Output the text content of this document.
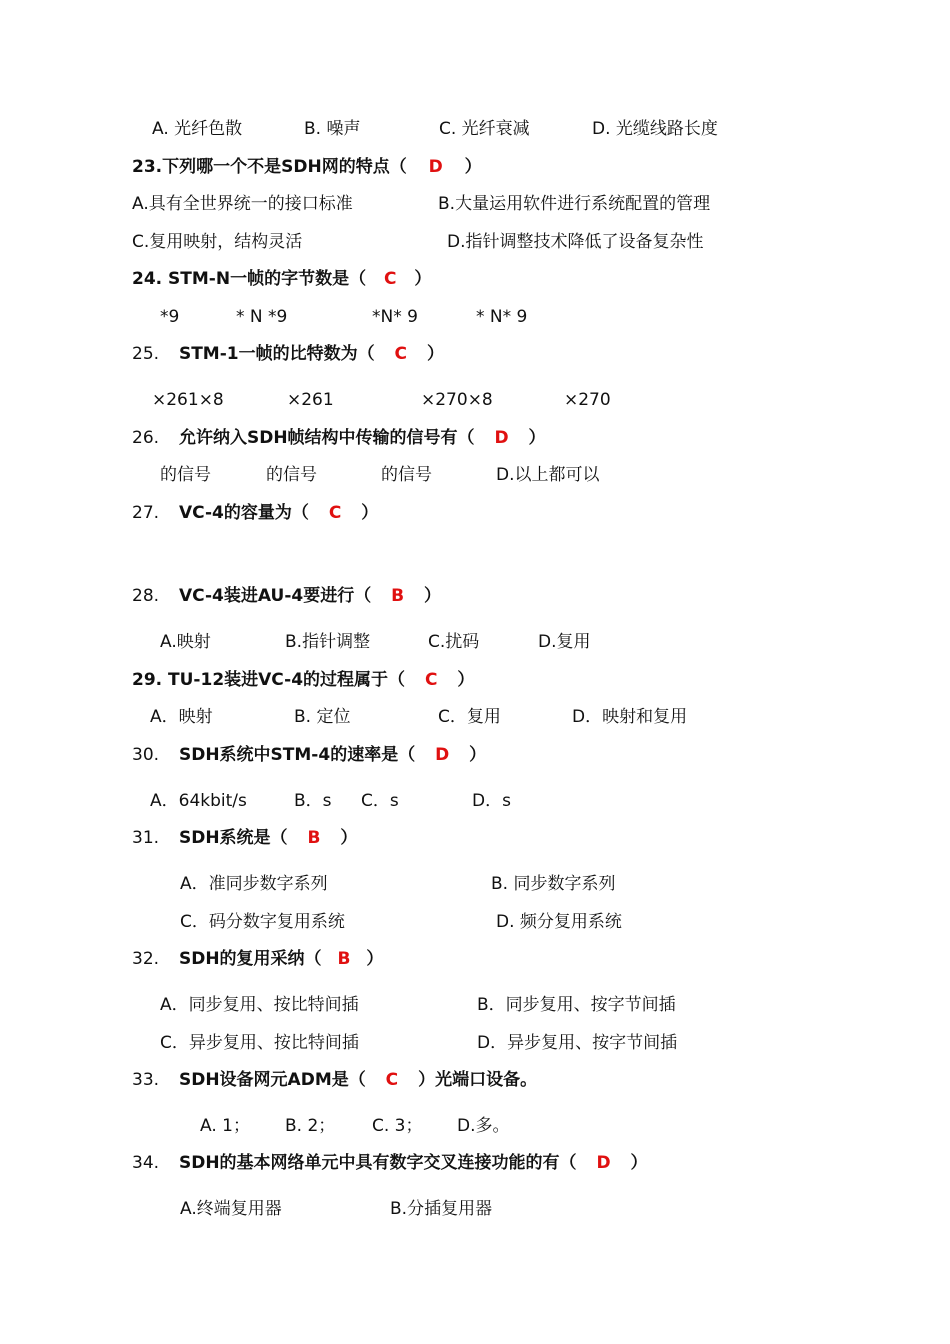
A. 光纤色散	B. 噪声	C. 光纤衰减	D. 光缆线路长度
23.下列哪一个不是SDH网的特点（ D ）
A.具有全世界统一的接口标准	B.大量运用软件进行系统配置的管理
C.复用映射，结构灵活	D.指针调整技术降低了设备复杂性
24. STM-N一帧的字节数是（ C ）
*9	* N *9	*N* 9	* N* 9
25. STM-1一帧的比特数为（ C ）
×261×8	×261	×270×8	×270
26. 允许纳入SDH帧结构中传输的信号有（ D ）
的信号	的信号	的信号	D.以上都可以
27. VC-4的容量为（ C ）
28. VC-4装进AU-4要进行（ B ）
A.映射	B.指针调整	C.扰码	D.复用
29. TU-12装进VC-4的过程属于（ C ）
A．映射	B. 定位	C．复用	D．映射和复用
30. SDH系统中STM-4的速率是（ D ）
A．64kbit/s	B．s C．s	D．s
31. SDH系统是（ B ）
A．准同步数字系列	B. 同步数字系列
C．码分数字复用系统	D. 频分复用系统
32. SDH的复用采纳（ B ）
A．同步复用、按比特间插	B．同步复用、按字节间插
C．异步复用、按比特间插	D．异步复用、按字节间插
33. SDH设备网元ADM是（ C ）光端口设备。
A. 1； B. 2； C. 3； D.多。
34. SDH的基本网络单元中具有数字交叉连接功能的有（ D ）
A.终端复用器	B.分插复用器
